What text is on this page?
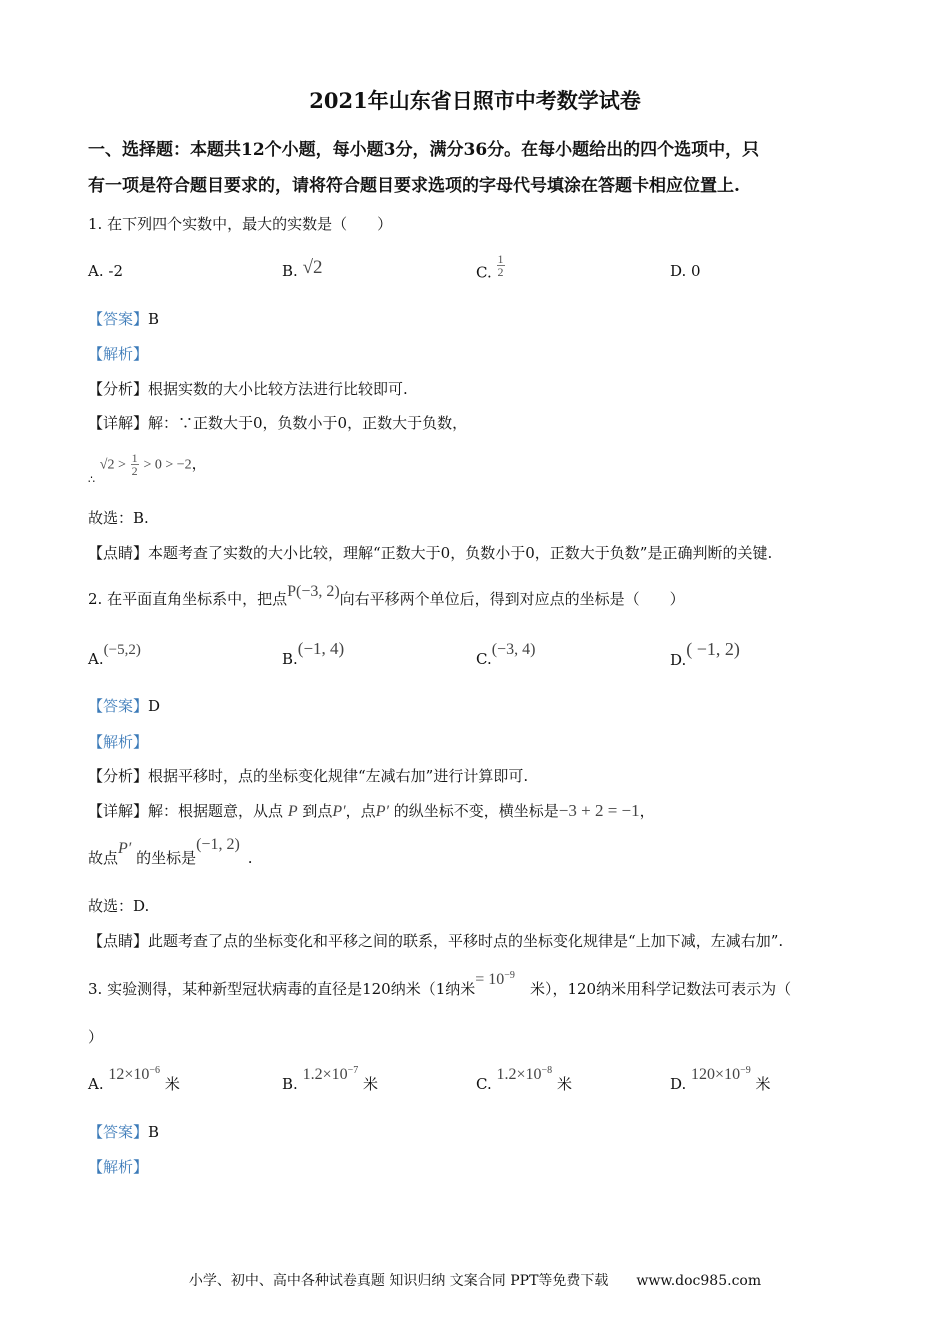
2021年山东省日照市中考数学试卷
一、选择题：本题共12个小题，每小题3分，满分36分。在每小题给出的四个选项中，只
有一项是符合题目要求的，请将符合题目要求选项的字母代号填涂在答题卡相应位置上.
1. 在下列四个实数中，最大的实数是（　　）
A. -2	B. √2	C. $\frac{1}{2}$	D. 0
【答案】B
【解析】
【分析】根据实数的大小比较方法进行比较即可.
【详解】解：∵正数大于0，负数小于0，正数大于负数，
$_\therefore$ $√2 > \frac{1}{2} > 0 > -2$，
故选：B.
【点睛】本题考查了实数的大小比较，理解“正数大于0，负数小于0，正数大于负数”是正确判断的关键.
2. 在平面直角坐标系中，把点P(−3, 2)向右平移两个单位后，得到对应点的坐标是（　　）
A.(−5,2)	B.(−1, 4)
C.(−3, 4)
D.( −1, 2)
【答案】D
【解析】
【分析】根据平移时，点的坐标变化规律“左减右加”进行计算即可.
【详解】解：根据题意，从点 P 到点P′，点P′ 的纵坐标不变，横坐标是−3 + 2 = −1，
故点P′ 的坐标是(−1, 2).
故选：D.
【点睛】此题考查了点的坐标变化和平移之间的联系，平移时点的坐标变化规律是“上加下减，左减右加”.
3. 实验测得，某种新型冠状病毒的直径是120纳米（1纳米= $10^{-9}$　米），120纳米用科学记数法可表示为（
）
A. $12\times 10^{-6}$ 米	B. $1.2\times 10^{-7}$ 米	C. $1.2\times 10^{-8}$ 米	D. $120\times 10^{-9}$ 米
【答案】B
【解析】
小学、初中、高中各种试卷真题 知识归纳 文案合同 PPT等免费下载　　 www.doc985.com
